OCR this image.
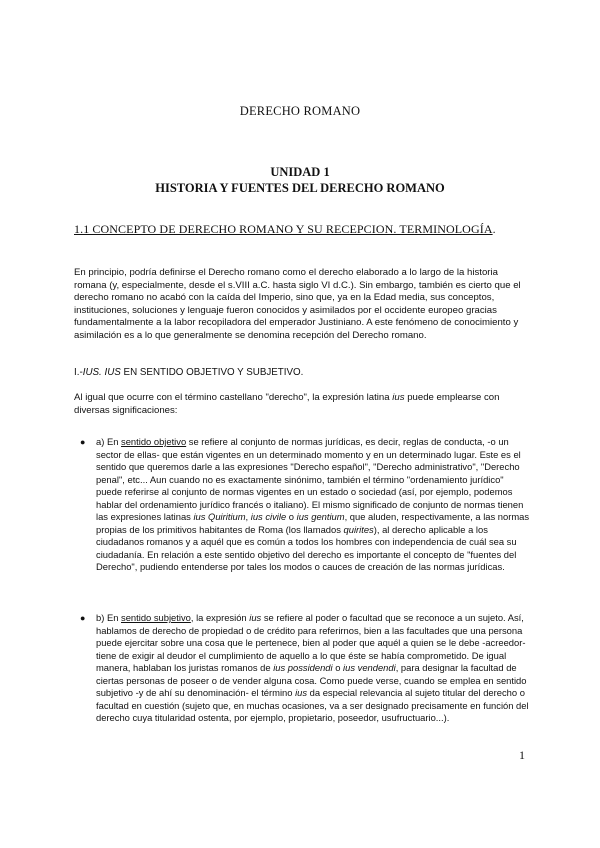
DERECHO ROMANO
UNIDAD 1
HISTORIA Y FUENTES DEL DERECHO ROMANO
1.1 CONCEPTO DE DERECHO ROMANO Y SU RECEPCION. TERMINOLOGÍA.
En principio, podría definirse el Derecho romano como el derecho elaborado a lo largo de la historia romana (y, especialmente, desde el s.VIII a.C. hasta siglo VI d.C.). Sin embargo, también es cierto que el derecho romano no acabó con la caída del Imperio, sino que, ya en la Edad media, sus conceptos, instituciones, soluciones y lenguaje fueron conocidos y asimilados por el occidente europeo gracias fundamentalmente a la labor recopiladora del emperador Justiniano. A este fenómeno de conocimiento y asimilación es a lo que generalmente se denomina recepción del Derecho romano.
I.-IUS. IUS EN SENTIDO OBJETIVO Y SUBJETIVO.
Al igual que ocurre con el término castellano "derecho", la expresión latina ius puede emplearse con diversas significaciones:
● a) En sentido objetivo se refiere al conjunto de normas jurídicas, es decir, reglas de conducta, -o un sector de ellas- que están vigentes en un determinado momento y en un determinado lugar. Este es el sentido que queremos darle a las expresiones "Derecho español", "Derecho administrativo", "Derecho penal", etc... Aun cuando no es exactamente sinónimo, también el término "ordenamiento jurídico" puede referirse al conjunto de normas vigentes en un estado o sociedad (así, por ejemplo, podemos hablar del ordenamiento jurídico francés o italiano). El mismo significado de conjunto de normas tienen las expresiones latinas ius Quiritium, ius civile o ius gentium, que aluden, respectivamente, a las normas propias de los primitivos habitantes de Roma (los llamados quirites), al derecho aplicable a los ciudadanos romanos y a aquél que es común a todos los hombres con independencia de cuál sea su ciudadanía. En relación a este sentido objetivo del derecho es importante el concepto de "fuentes del Derecho", pudiendo entenderse por tales los modos o cauces de creación de las normas jurídicas.
● b) En sentido subjetivo, la expresión ius se refiere al poder o facultad que se reconoce a un sujeto. Así, hablamos de derecho de propiedad o de crédito para referirnos, bien a las facultades que una persona puede ejercitar sobre una cosa que le pertenece, bien al poder que aquél a quien se le debe -acreedor- tiene de exigir al deudor el cumplimiento de aquello a lo que éste se había comprometido. De igual manera, hablaban los juristas romanos de ius possidendi o ius vendendi, para designar la facultad de ciertas personas de poseer o de vender alguna cosa. Como puede verse, cuando se emplea en sentido subjetivo -y de ahí su denominación- el término ius da especial relevancia al sujeto titular del derecho o facultad en cuestión (sujeto que, en muchas ocasiones, va a ser designado precisamente en función del derecho cuya titularidad ostenta, por ejemplo, propietario, poseedor, usufructuario...).
1
